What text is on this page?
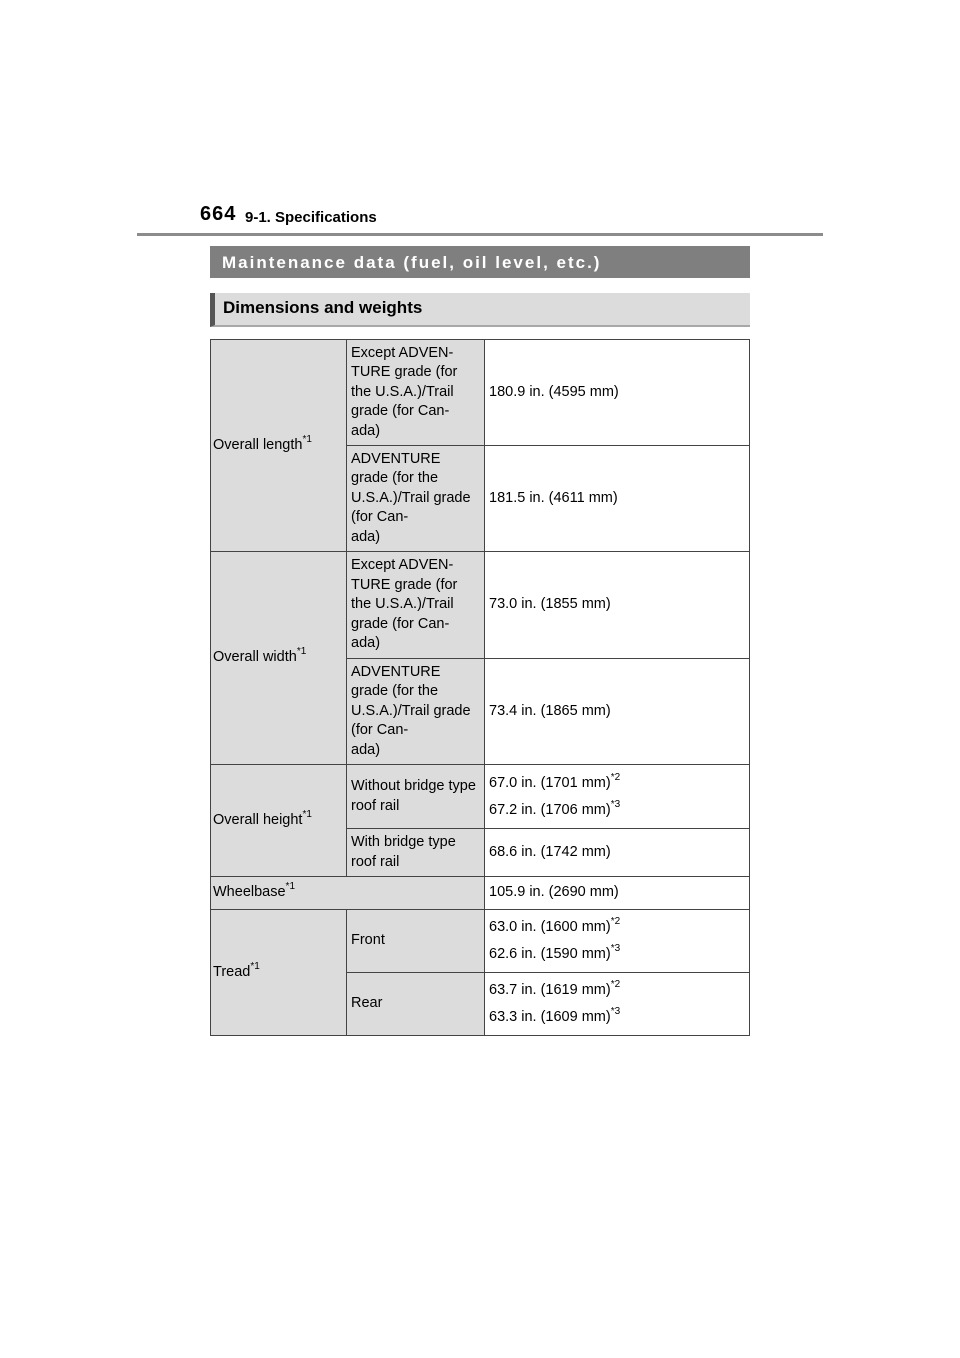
664 9-1. Specifications
Maintenance data (fuel, oil level, etc.)
Dimensions and weights
Overall length$^{*1}$	Except ADVEN-
TURE grade (for the U.S.A.)/Trail grade (for Can-
ada)	180.9 in. (4595 mm)
	ADVENTURE grade (for the U.S.A.)/Trail grade (for Can-
ada)	181.5 in. (4611 mm)
Overall width$^{*1}$	Except ADVEN-
TURE grade (for the U.S.A.)/Trail grade (for Can-
ada)	73.0 in. (1855 mm)
	ADVENTURE grade (for the U.S.A.)/Trail grade (for Can-
ada)	73.4 in. (1865 mm)
Overall height$^{*1}$	Without bridge type roof rail	67.0 in. (1701 mm)$^{*2}$
67.2 in. (1706 mm)$^{*3}$

	With bridge type roof rail	68.6 in. (1742 mm)
Wheelbase$^{*1}$		105.9 in. (2690 mm)
Tread$^{*1}$	Front	63.0 in. (1600 mm)$^{*2}$
62.6 in. (1590 mm)$^{*3}$

	Rear	63.7 in. (1619 mm)$^{*2}$
63.3 in. (1609 mm)$^{*3}$
